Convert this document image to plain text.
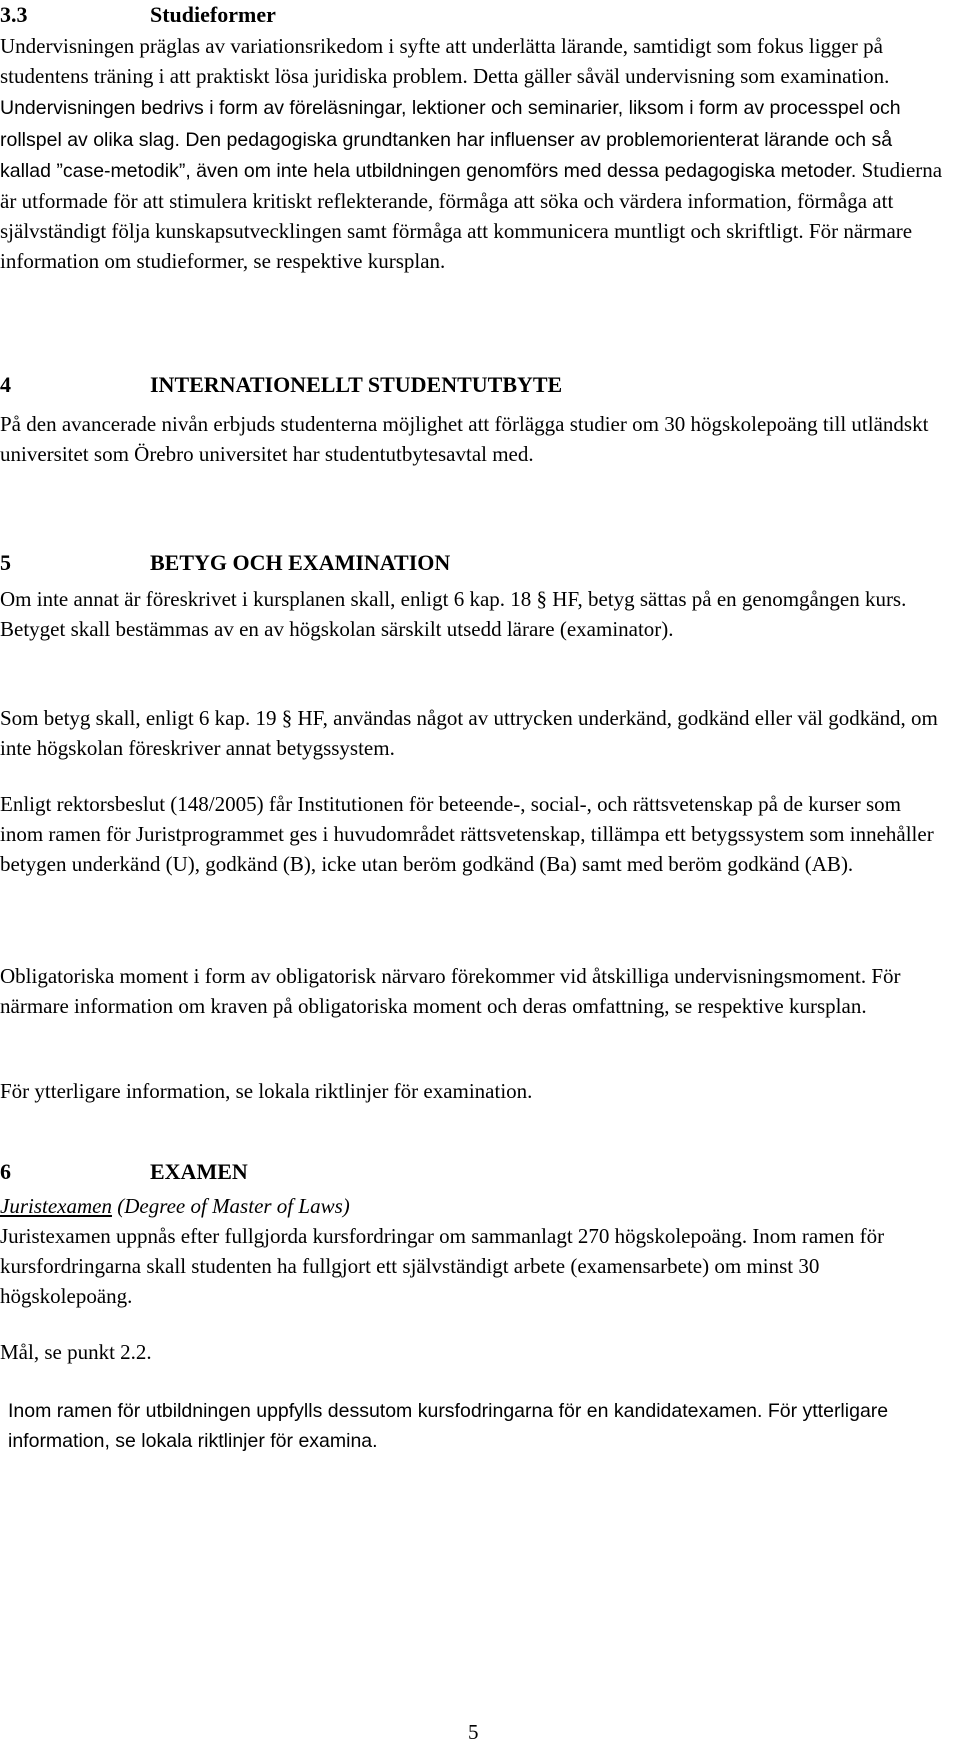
3.3	Studieformer

Undervisningen präglas av variationsrikedom i syfte att underlätta lärande, samtidigt som fokus ligger på studentens träning i att praktiskt lösa juridiska problem. Detta gäller såväl undervisning som examination. Undervisningen bedrivs i form av föreläsningar, lektioner och seminarier, liksom i form av processpel och rollspel av olika slag. Den pedagogiska grundtanken har influenser av problemorienterat lärande och så kallad ”case-metodik”, även om inte hela utbildningen genomförs med dessa pedagogiska metoder. Studierna är utformade för att stimulera kritiskt reflekterande, förmåga att söka och värdera information, förmåga att självständigt följa kunskapsutvecklingen samt förmåga att kommunicera muntligt och skriftligt. För närmare information om studieformer, se respektive kursplan.

4	INTERNATIONELLT STUDENTUTBYTE

På den avancerade nivån erbjuds studenterna möjlighet att förlägga studier om 30 högskolepoäng till utländskt universitet som Örebro universitet har studentutbytesavtal med.

5	BETYG OCH EXAMINATION

Om inte annat är föreskrivet i kursplanen skall, enligt 6 kap. 18 § HF, betyg sättas på en genomgången kurs. Betyget skall bestämmas av en av högskolan särskilt utsedd lärare (examinator).

Som betyg skall, enligt 6 kap. 19 § HF, användas något av uttrycken underkänd, godkänd eller väl godkänd, om inte högskolan föreskriver annat betygssystem.

Enligt rektorsbeslut (148/2005) får Institutionen för beteende-, social-, och rättsvetenskap på de kurser som inom ramen för Juristprogrammet ges i huvudområdet rättsvetenskap, tillämpa ett betygssystem som innehåller betygen underkänd (U), godkänd (B), icke utan beröm godkänd (Ba) samt med beröm godkänd (AB).

Obligatoriska moment i form av obligatorisk närvaro förekommer vid åtskilliga undervisningsmoment. För närmare information om kraven på obligatoriska moment och deras omfattning, se respektive kursplan.

För ytterligare information, se lokala riktlinjer för examination.

6	EXAMEN

Juristexamen (Degree of Master of Laws)

Juristexamen uppnås efter fullgjorda kursfordringar om sammanlagt 270 högskolepoäng. Inom ramen för kursfordringarna skall studenten ha fullgjort ett självständigt arbete (examensarbete) om minst 30 högskolepoäng.

Mål, se punkt 2.2.

Inom ramen för utbildningen uppfylls dessutom kursfodringarna för en kandidatexamen. För ytterligare information, se lokala riktlinjer för examina.

5
